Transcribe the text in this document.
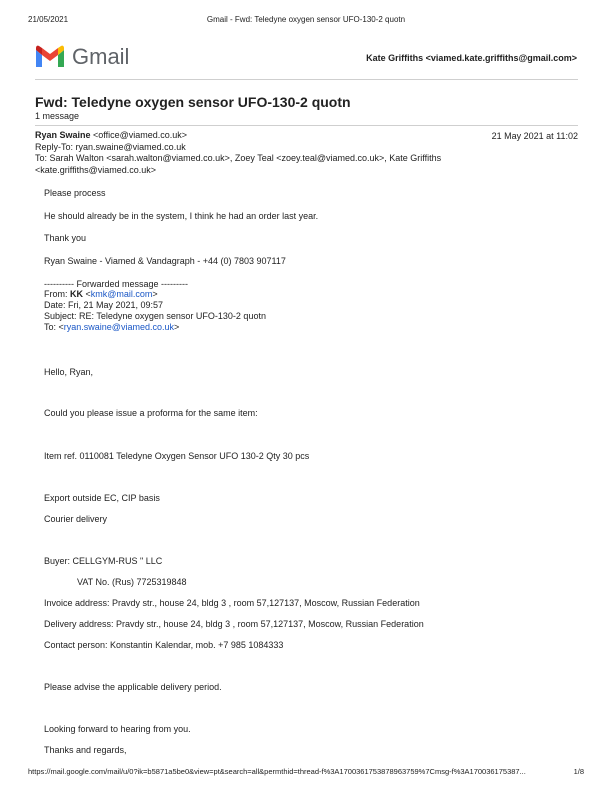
21/05/2021	Gmail - Fwd: Teledyne oxygen sensor UFO-130-2 quotn
Gmail	Kate Griffiths <viamed.kate.griffiths@gmail.com>
Fwd: Teledyne oxygen sensor UFO-130-2 quotn
1 message
Ryan Swaine <office@viamed.co.uk>	21 May 2021 at 11:02
Reply-To: ryan.swaine@viamed.co.uk
To: Sarah Walton <sarah.walton@viamed.co.uk>, Zoey Teal <zoey.teal@viamed.co.uk>, Kate Griffiths
<kate.griffiths@viamed.co.uk>
Please process
He should already be in the system, I think he had an order last year.
Thank you
Ryan Swaine - Viamed & Vandagraph - +44 (0) 7803 907117
---------- Forwarded message ---------
From: KK <kmk@mail.com>
Date: Fri, 21 May 2021, 09:57
Subject: RE: Teledyne oxygen sensor UFO-130-2 quotn
To: <ryan.swaine@viamed.co.uk>
Hello, Ryan,
Could you please issue a proforma for the same item:
Item ref. 0110081 Teledyne Oxygen Sensor UFO 130-2 Qty 30 pcs
Export outside EC, CIP basis
Courier delivery
Buyer: CELLGYM-RUS " LLC
VAT No. (Rus) 7725319848
Invoice address: Pravdy str., house 24, bldg 3 , room 57,127137, Moscow, Russian Federation
Delivery address: Pravdy str., house 24, bldg 3 , room 57,127137, Moscow, Russian Federation
Contact person: Konstantin Kalendar, mob. +7 985 1084333
Please advise the applicable delivery period.
Looking forward to hearing from you.
Thanks and regards,
https://mail.google.com/mail/u/0?ik=b5871a5be0&view=pt&search=all&permthid=thread-f%3A1700361753878963759%7Cmsg-f%3A170036175387...	1/8
